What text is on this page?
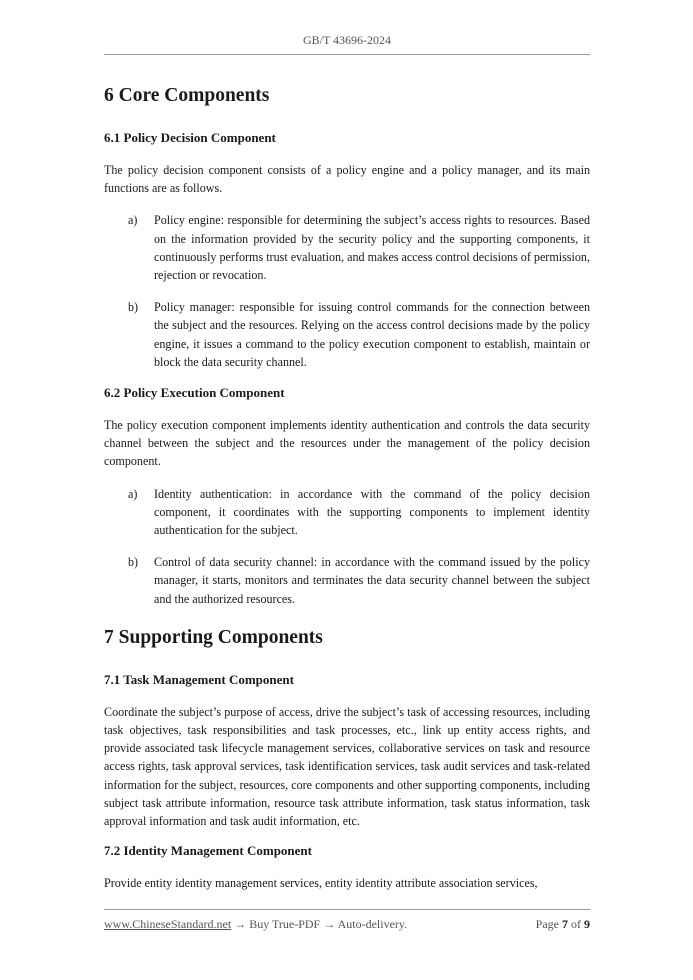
GB/T 43696-2024
6 Core Components
6.1 Policy Decision Component

The policy decision component consists of a policy engine and a policy manager, and its main functions are as follows.

a) Policy engine: responsible for determining the subject’s access rights to resources. Based on the information provided by the security policy and the supporting components, it continuously performs trust evaluation, and makes access control decisions of permission, rejection or revocation.

b) Policy manager: responsible for issuing control commands for the connection between the subject and the resources. Relying on the access control decisions made by the policy engine, it issues a command to the policy execution component to establish, maintain or block the data security channel.

6.2 Policy Execution Component

The policy execution component implements identity authentication and controls the data security channel between the subject and the resources under the management of the policy decision component.

a) Identity authentication: in accordance with the command of the policy decision component, it coordinates with the supporting components to implement identity authentication for the subject.

b) Control of data security channel: in accordance with the command issued by the policy manager, it starts, monitors and terminates the data security channel between the subject and the authorized resources.

7 Supporting Components
7.1 Task Management Component

Coordinate the subject’s purpose of access, drive the subject’s task of accessing resources, including task objectives, task responsibilities and task processes, etc., link up entity access rights, and provide associated task lifecycle management services, collaborative services on task and resource access rights, task approval services, task identification services, task audit services and task-related information for the subject, resources, core components and other supporting components, including subject task attribute information, resource task attribute information, task status information, task approval information and task audit information, etc.

7.2 Identity Management Component

Provide entity identity management services, entity identity attribute association services,

www.ChineseStandard.net → Buy True-PDF → Auto-delivery.	Page 7 of 9
